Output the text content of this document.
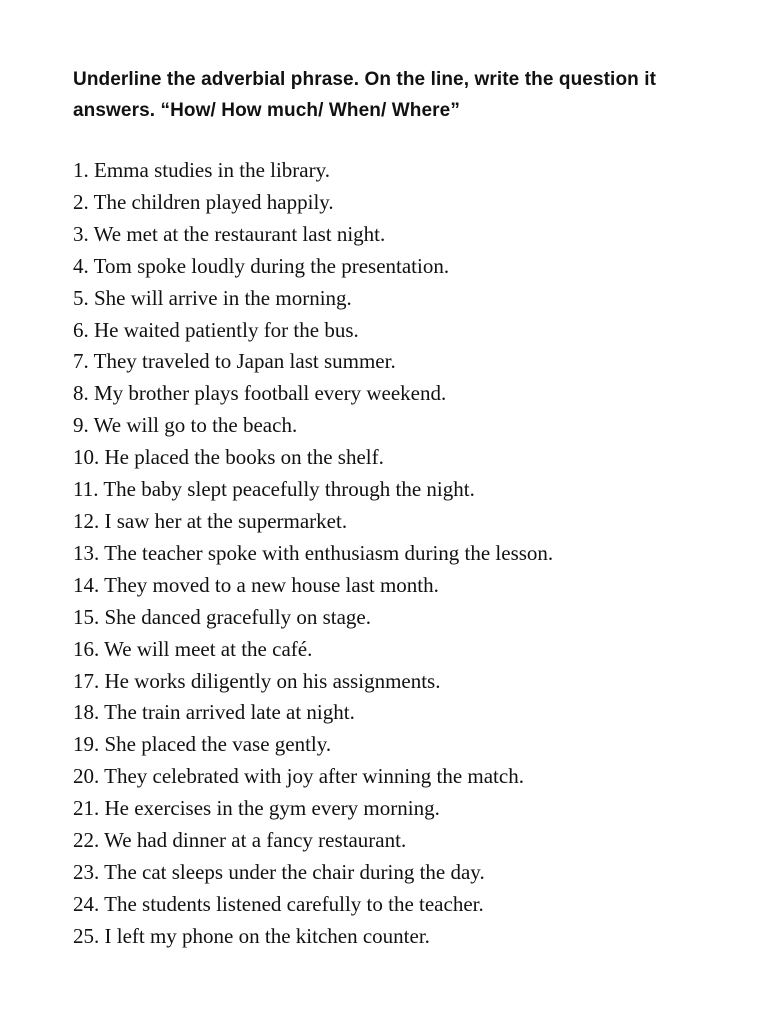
Underline the adverbial phrase. On the line, write the question it answers. “How/ How much/ When/ Where”

1. Emma studies in the library.
2. The children played happily.
3. We met at the restaurant last night.
4. Tom spoke loudly during the presentation.
5. She will arrive in the morning.
6. He waited patiently for the bus.
7. They traveled to Japan last summer.
8. My brother plays football every weekend.
9. We will go to the beach.
10. He placed the books on the shelf.
11. The baby slept peacefully through the night.
12. I saw her at the supermarket.
13. The teacher spoke with enthusiasm during the lesson.
14. They moved to a new house last month.
15. She danced gracefully on stage.
16. We will meet at the café.
17. He works diligently on his assignments.
18. The train arrived late at night.
19. She placed the vase gently.
20. They celebrated with joy after winning the match.
21. He exercises in the gym every morning.
22. We had dinner at a fancy restaurant.
23. The cat sleeps under the chair during the day.
24. The students listened carefully to the teacher.
25. I left my phone on the kitchen counter.
